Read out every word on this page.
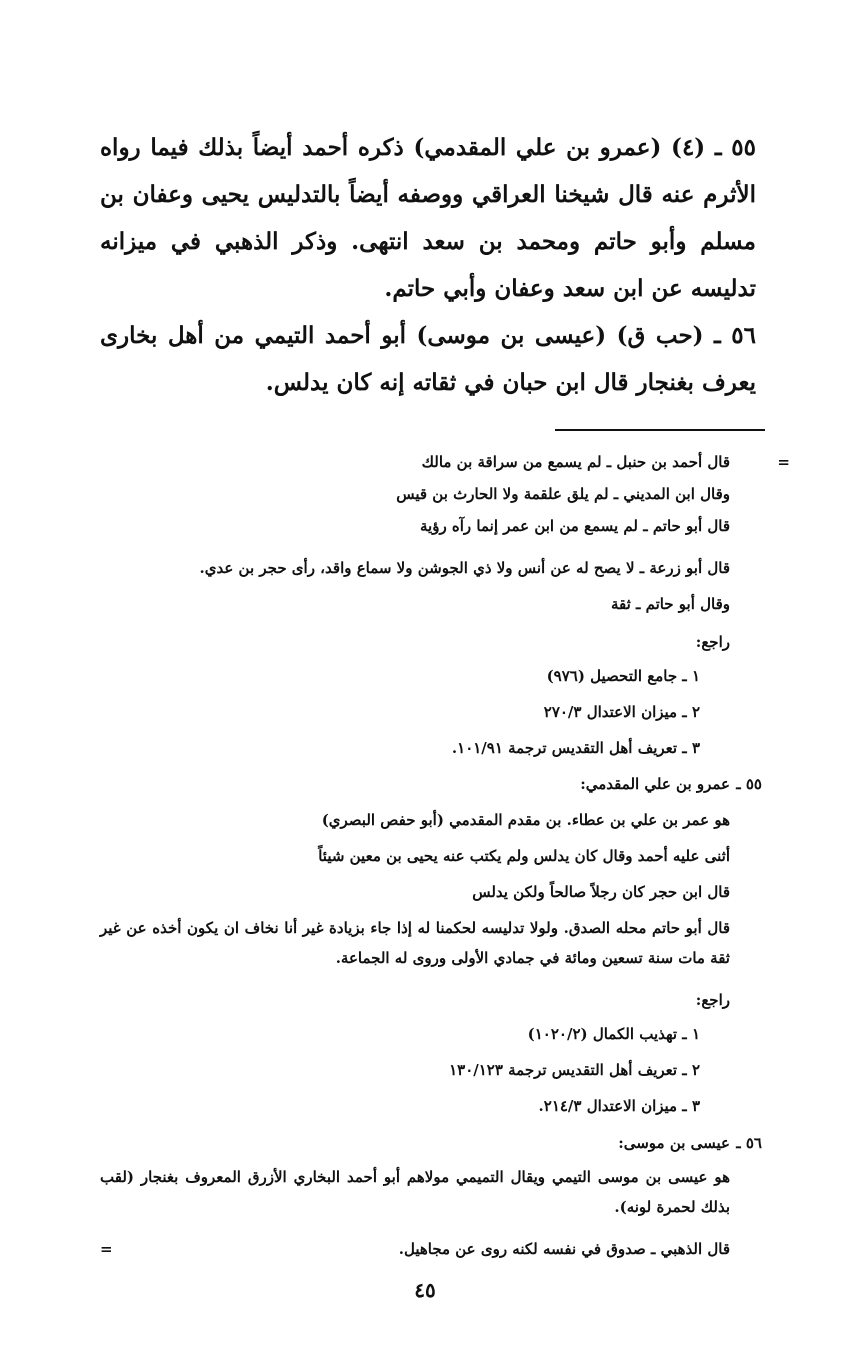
٥٥ ـ (٤) (عمرو بن علي المقدمي) ذكره أحمد أيضاً بذلك فيما رواه الأثرم عنه قال شيخنا العراقي ووصفه أيضاً بالتدليس يحيى وعفان بن مسلم وأبو حاتم ومحمد بن سعد انتهى. وذكر الذهبي في ميزانه تدليسه عن ابن سعد وعفان وأبي حاتم.
٥٦ ـ (حب ق) (عيسى بن موسى) أبو أحمد التيمي من أهل بخارى يعرف بغنجار قال ابن حبان في ثقاته إنه كان يدلس.
=
قال أحمد بن حنبل ـ لم يسمع من سراقة بن مالك
وقال ابن المديني ـ لم يلق علقمة ولا الحارث بن قيس
قال أبو حاتم ـ لم يسمع من ابن عمر إنما رآه رؤية
قال أبو زرعة ـ لا يصح له عن أنس ولا ذي الجوشن ولا سماع واقد، رأى حجر بن عدي.
وقال أبو حاتم ـ ثقة
راجع:
١ ـ جامع التحصيل (٩٧٦)
٢ ـ ميزان الاعتدال ٢٧٠/٣
٣ ـ تعريف أهل التقديس ترجمة ١٠١/٩١.
٥٥ ـ
عمرو بن علي المقدمي:
هو عمر بن علي بن عطاء. بن مقدم المقدمي (أبو حفص البصري)
أثنى عليه أحمد وقال كان يدلس ولم يكتب عنه يحيى بن معين شيئاً
قال ابن حجر كان رجلاً صالحاً ولكن يدلس
قال أبو حاتم محله الصدق. ولولا تدليسه لحكمنا له إذا جاء بزيادة غير أنا نخاف ان يكون أخذه عن غير ثقة مات سنة تسعين ومائة في جمادي الأولى وروى له الجماعة.
راجع:
١ ـ تهذيب الكمال (١٠٢٠/٢)
٢ ـ تعريف أهل التقديس ترجمة ١٣٠/١٢٣
٣ ـ ميزان الاعتدال ٢١٤/٣.
٥٦ ـ
عيسى بن موسى:
هو عيسى بن موسى التيمي ويقال التميمي مولاهم أبو أحمد البخاري الأزرق المعروف بغنجار (لقب بذلك لحمرة لونه).
قال الذهبي ـ صدوق في نفسه لكنه روى عن مجاهيل.
=
٤٥
